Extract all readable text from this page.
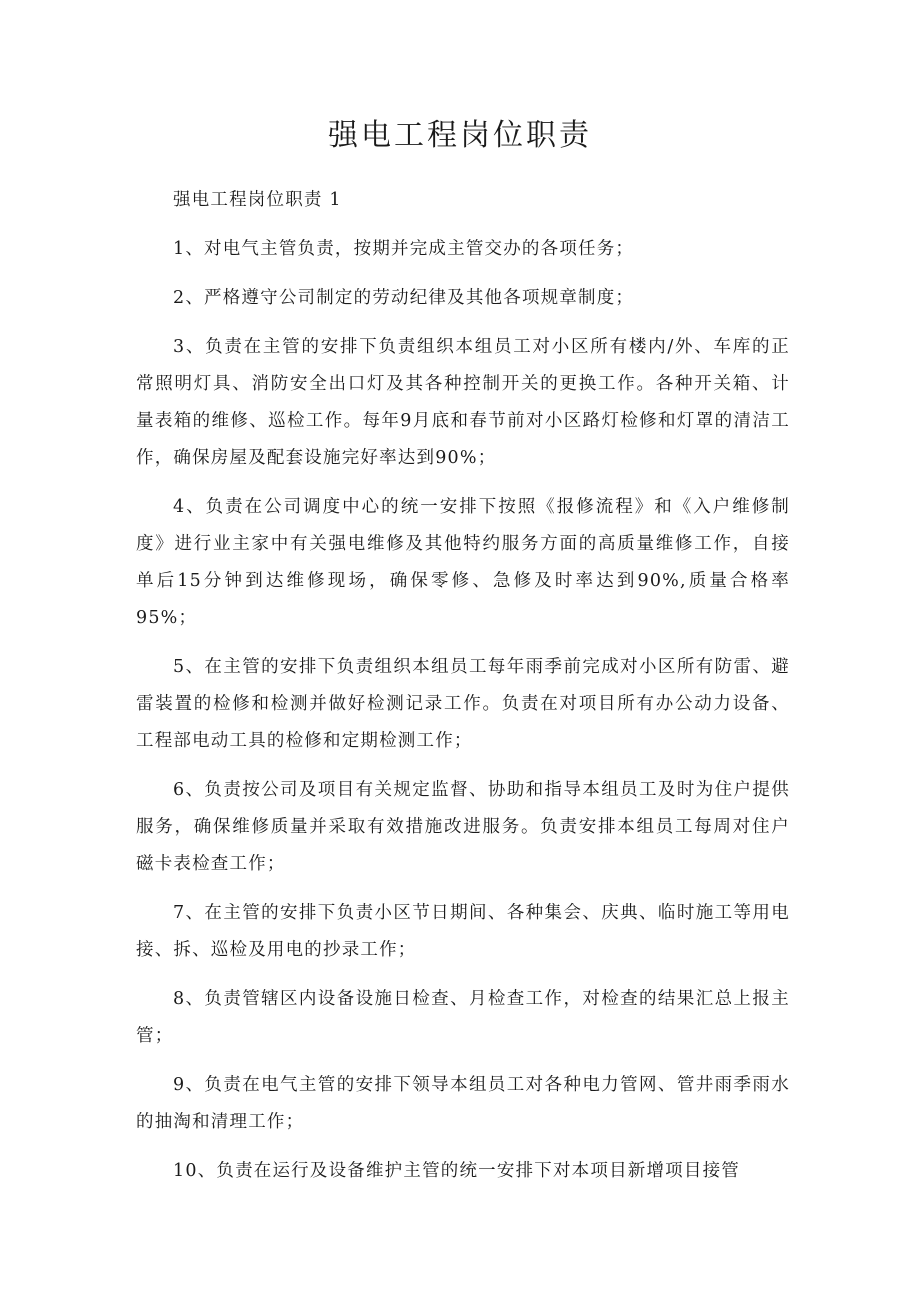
强电工程岗位职责

强电工程岗位职责 1

1、对电气主管负责，按期并完成主管交办的各项任务；

2、严格遵守公司制定的劳动纪律及其他各项规章制度；

3、负责在主管的安排下负责组织本组员工对小区所有楼内/外、车库的正常照明灯具、消防安全出口灯及其各种控制开关的更换工作。各种开关箱、计量表箱的维修、巡检工作。每年9月底和春节前对小区路灯检修和灯罩的清洁工作，确保房屋及配套设施完好率达到90%；

4、负责在公司调度中心的统一安排下按照《报修流程》和《入户维修制度》进行业主家中有关强电维修及其他特约服务方面的高质量维修工作，自接单后15分钟到达维修现场，确保零修、急修及时率达到90%,质量合格率95%；

5、在主管的安排下负责组织本组员工每年雨季前完成对小区所有防雷、避雷装置的检修和检测并做好检测记录工作。负责在对项目所有办公动力设备、工程部电动工具的检修和定期检测工作；

6、负责按公司及项目有关规定监督、协助和指导本组员工及时为住户提供服务，确保维修质量并采取有效措施改进服务。负责安排本组员工每周对住户磁卡表检查工作；

7、在主管的安排下负责小区节日期间、各种集会、庆典、临时施工等用电接、拆、巡检及用电的抄录工作；

8、负责管辖区内设备设施日检查、月检查工作，对检查的结果汇总上报主管；

9、负责在电气主管的安排下领导本组员工对各种电力管网、管井雨季雨水的抽淘和清理工作；

10、负责在运行及设备维护主管的统一安排下对本项目新增项目接管
